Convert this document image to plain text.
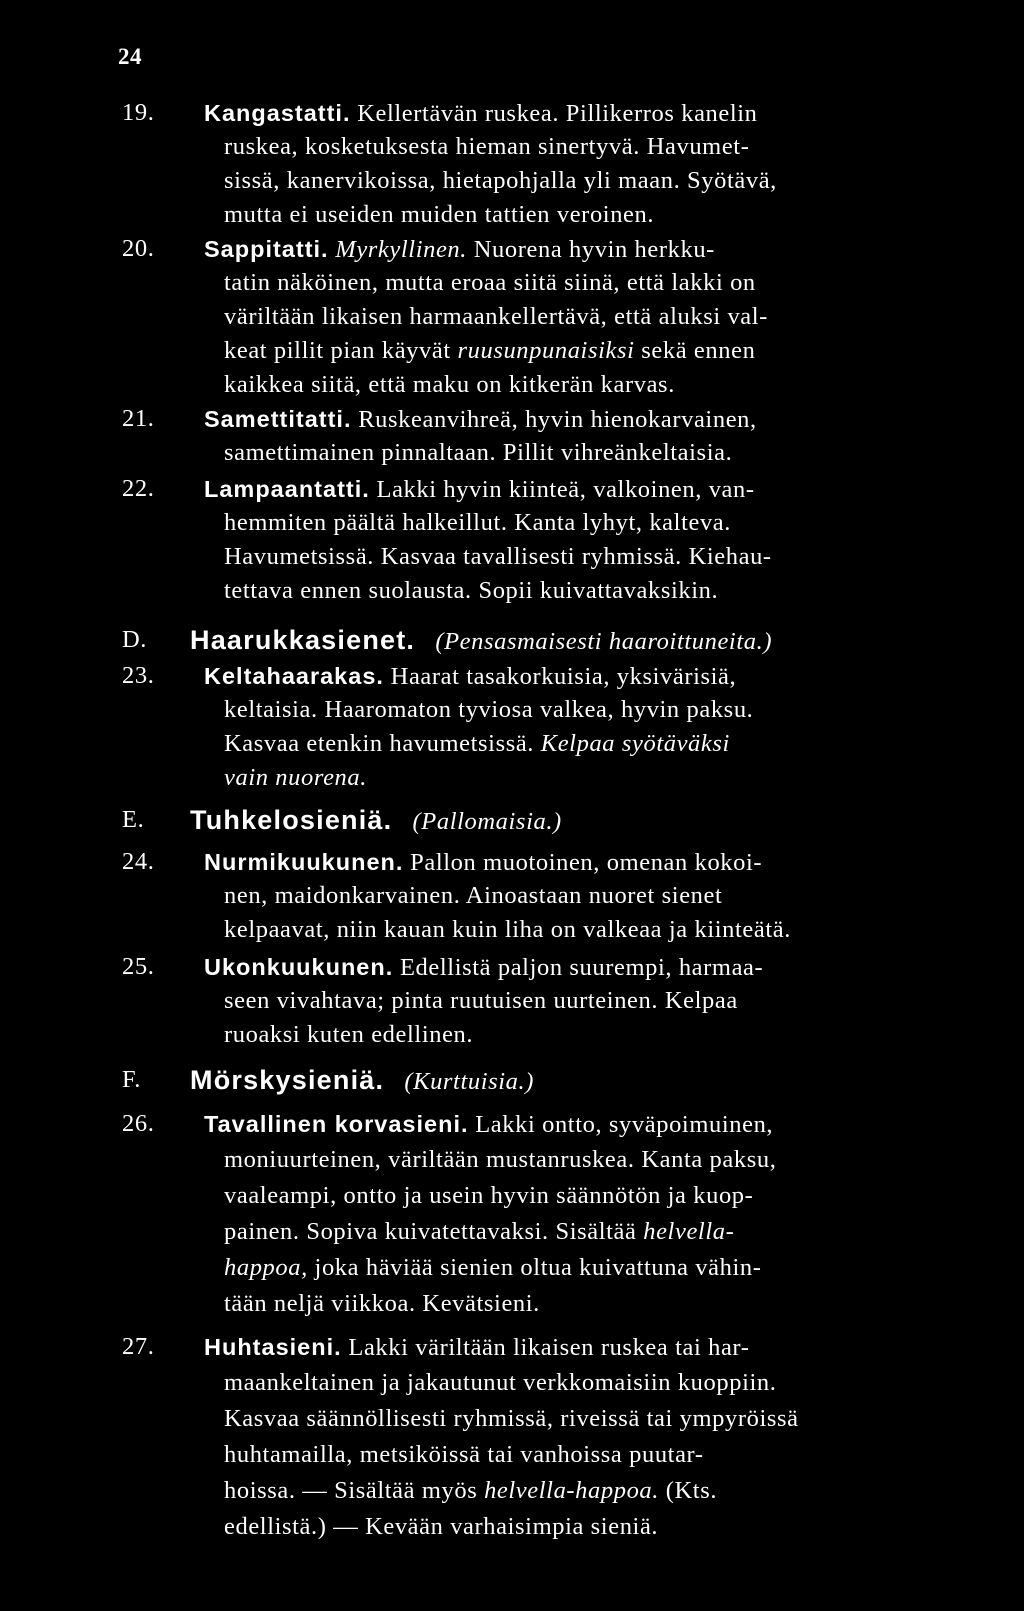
24
19. Kangastatti. Kellertävän ruskea. Pillikerros kanelin
ruskea, kosketuksesta hieman sinertyvä. Havumet-
sissä, kanervikoissa, hietapohjalla yli maan. Syötävä,
mutta ei useiden muiden tattien veroinen.
20. Sappitatti. Myrkyllinen. Nuorena hyvin herkku-
tatin näköinen, mutta eroaa siitä siinä, että lakki on
väriltään likaisen harmaankellertävä, että aluksi val-
keat pillit pian käyvät ruusunpunaisiksi sekä ennen
kaikkea siitä, että maku on kitkerän karvas.
21. Samettitatti. Ruskeanvihreä, hyvin hienokarvainen,
samettimainen pinnaltaan. Pillit vihreänkeltaisia.
22. Lampaantatti. Lakki hyvin kiinteä, valkoinen, van-
hemmiten päältä halkeillut. Kanta lyhyt, kalteva.
Havumetsissä. Kasvaa tavallisesti ryhmissä. Kiehau-
tettava ennen suolausta. Sopii kuivattavaksikin.
D. Haarukkasienet. (Pensasmaisesti haaroittuneita.)
23. Keltahaarakas. Haarat tasakorkuisia, yksivärisiä,
keltaisia. Haaromaton tyviosa valkea, hyvin paksu.
Kasvaa etenkin havumetsissä. Kelpaa syötäväksi
vain nuorena.
E. Tuhkelosieniä. (Pallomaisia.)
24. Nurmikuukunen. Pallon muotoinen, omenan kokoi-
nen, maidonkarvainen. Ainoastaan nuoret sienet
kelpaavat, niin kauan kuin liha on valkeaa ja kiinteätä.
25. Ukonkuukunen. Edellistä paljon suurempi, harmaa-
seen vivahtava; pinta ruutuisen uurteinen. Kelpaa
ruoaksi kuten edellinen.
F. Mörskysieniä. (Kurttuisia.)
26. Tavallinen korvasieni. Lakki ontto, syväpoimuinen,
moniuurteinen, väriltään mustanruskea. Kanta paksu,
vaaleampi, ontto ja usein hyvin säännötön ja kuop-
painen. Sopiva kuivatettavaksi. Sisältää helvella-
happoa, joka häviää sienien oltua kuivattuna vähin-
tään neljä viikkoa. Kevätsieni.
27. Huhtasieni. Lakki väriltään likaisen ruskea tai har-
maankeltainen ja jakautunut verkkomaisiin kuoppiin.
Kasvaa säännöllisesti ryhmissä, riveissä tai ympyröissä
huhtamailla, metsiköissä tai vanhoissa puutar-
hoissa. — Sisältää myös helvella-happoa. (Kts.
edellistä.) — Kevään varhaisimpia sieniä.
